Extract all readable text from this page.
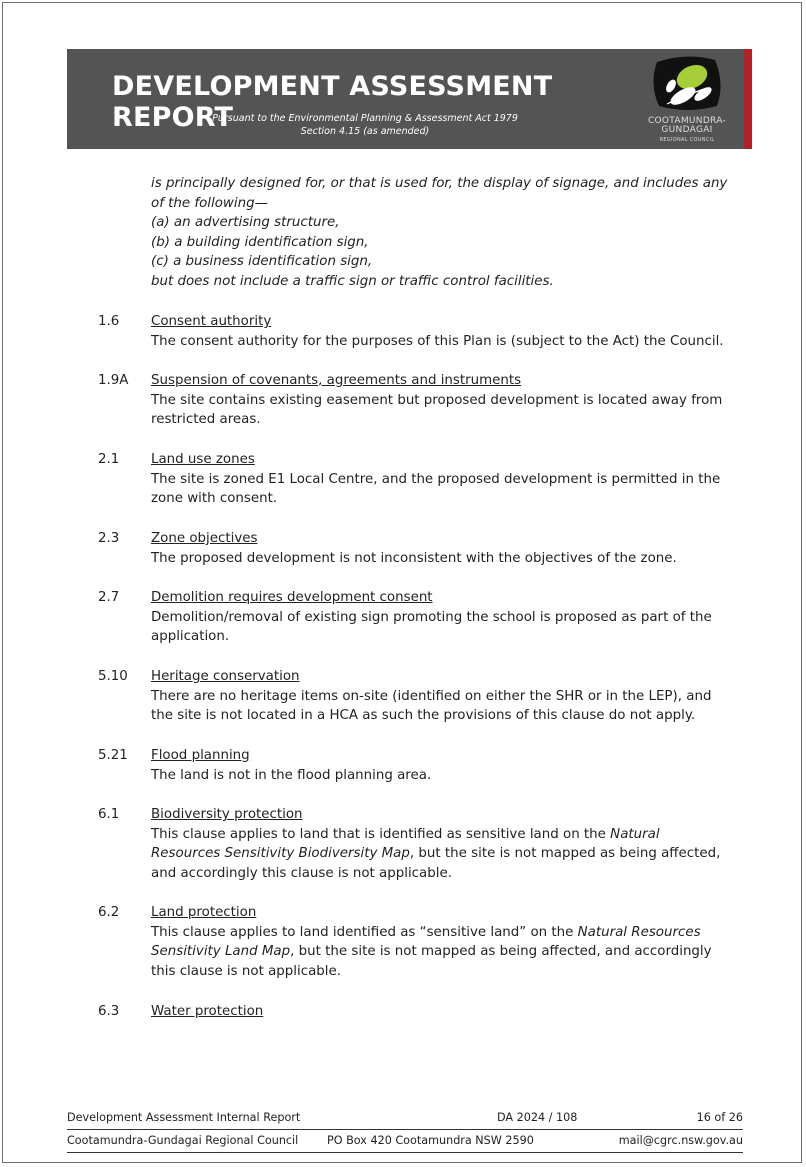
DEVELOPMENT ASSESSMENT REPORT
Pursuant to the Environmental Planning & Assessment Act 1979
Section 4.15 (as amended)
COOTAMUNDRA-
GUNDAGAI REGIONAL COUNCIL
is principally designed for, or that is used for, the display of signage, and includes any
of the following—
(a) an advertising structure,
(b) a building identification sign,
(c) a business identification sign,
but does not include a traffic sign or traffic control facilities.
1.6 Consent authority
The consent authority for the purposes of this Plan is (subject to the Act) the Council.
1.9A Suspension of covenants, agreements and instruments
The site contains existing easement but proposed development is located away from
restricted areas.
2.1 Land use zones
The site is zoned E1 Local Centre, and the proposed development is permitted in the
zone with consent.
2.3 Zone objectives
The proposed development is not inconsistent with the objectives of the zone.
2.7 Demolition requires development consent
Demolition/removal of existing sign promoting the school is proposed as part of the
application.
5.10 Heritage conservation
There are no heritage items on-site (identified on either the SHR or in the LEP), and
the site is not located in a HCA as such the provisions of this clause do not apply.
5.21 Flood planning
The land is not in the flood planning area.
6.1 Biodiversity protection
This clause applies to land that is identified as sensitive land on the Natural
Resources Sensitivity Biodiversity Map, but the site is not mapped as being affected,
and accordingly this clause is not applicable.
6.2 Land protection
This clause applies to land identified as “sensitive land” on the Natural Resources
Sensitivity Land Map, but the site is not mapped as being affected, and accordingly
this clause is not applicable.
6.3 Water protection
Development Assessment Internal Report	DA 2024 / 108	16 of 26
Cootamundra-Gundagai Regional Council	PO Box 420 Cootamundra NSW 2590	mail@cgrc.nsw.gov.au
